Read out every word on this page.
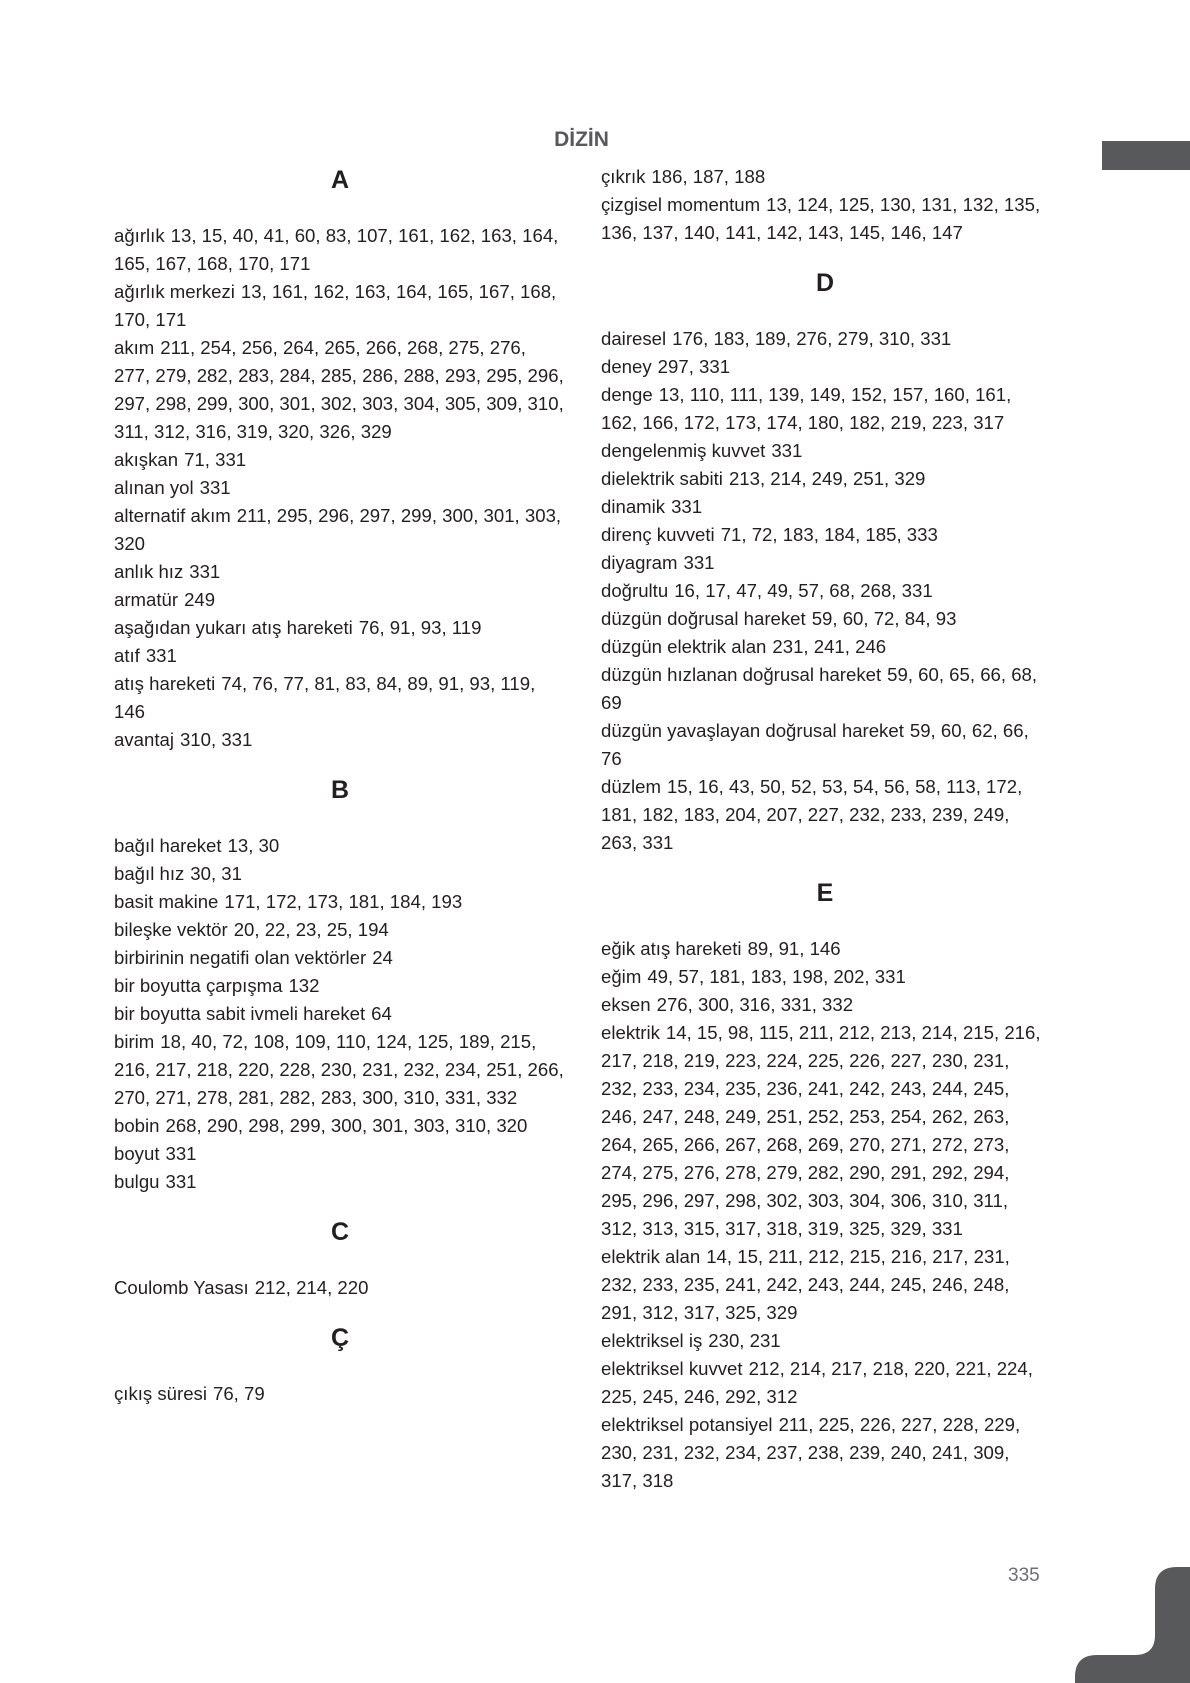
DİZİN
A
ağırlık 13, 15, 40, 41, 60, 83, 107, 161, 162, 163, 164, 165, 167, 168, 170, 171
ağırlık merkezi 13, 161, 162, 163, 164, 165, 167, 168, 170, 171
akım 211, 254, 256, 264, 265, 266, 268, 275, 276, 277, 279, 282, 283, 284, 285, 286, 288, 293, 295, 296, 297, 298, 299, 300, 301, 302, 303, 304, 305, 309, 310, 311, 312, 316, 319, 320, 326, 329
akışkan 71, 331
alınan yol 331
alternatif akım 211, 295, 296, 297, 299, 300, 301, 303, 320
anlık hız 331
armatür 249
aşağıdan yukarı atış hareketi 76, 91, 93, 119
atıf 331
atış hareketi 74, 76, 77, 81, 83, 84, 89, 91, 93, 119, 146
avantaj 310, 331
B
bağıl hareket 13, 30
bağıl hız 30, 31
basit makine 171, 172, 173, 181, 184, 193
bileşke vektör 20, 22, 23, 25, 194
birbirinin negatifi olan vektörler 24
bir boyutta çarpışma 132
bir boyutta sabit ivmeli hareket 64
birim 18, 40, 72, 108, 109, 110, 124, 125, 189, 215, 216, 217, 218, 220, 228, 230, 231, 232, 234, 251, 266, 270, 271, 278, 281, 282, 283, 300, 310, 331, 332
bobin 268, 290, 298, 299, 300, 301, 303, 310, 320
boyut 331
bulgu 331
C
Coulomb Yasası 212, 214, 220
Ç
çıkış süresi 76, 79
çıkrık 186, 187, 188
çizgisel momentum 13, 124, 125, 130, 131, 132, 135, 136, 137, 140, 141, 142, 143, 145, 146, 147
D
dairesel 176, 183, 189, 276, 279, 310, 331
deney 297, 331
denge 13, 110, 111, 139, 149, 152, 157, 160, 161, 162, 166, 172, 173, 174, 180, 182, 219, 223, 317
dengelenmiş kuvvet 331
dielektrik sabiti 213, 214, 249, 251, 329
dinamik 331
direnç kuvveti 71, 72, 183, 184, 185, 333
diyagram 331
doğrultu 16, 17, 47, 49, 57, 68, 268, 331
düzgün doğrusal hareket 59, 60, 72, 84, 93
düzgün elektrik alan 231, 241, 246
düzgün hızlanan doğrusal hareket 59, 60, 65, 66, 68, 69
düzgün yavaşlayan doğrusal hareket 59, 60, 62, 66, 76
düzlem 15, 16, 43, 50, 52, 53, 54, 56, 58, 113, 172, 181, 182, 183, 204, 207, 227, 232, 233, 239, 249, 263, 331
E
eğik atış hareketi 89, 91, 146
eğim 49, 57, 181, 183, 198, 202, 331
eksen 276, 300, 316, 331, 332
elektrik 14, 15, 98, 115, 211, 212, 213, 214, 215, 216, 217, 218, 219, 223, 224, 225, 226, 227, 230, 231, 232, 233, 234, 235, 236, 241, 242, 243, 244, 245, 246, 247, 248, 249, 251, 252, 253, 254, 262, 263, 264, 265, 266, 267, 268, 269, 270, 271, 272, 273, 274, 275, 276, 278, 279, 282, 290, 291, 292, 294, 295, 296, 297, 298, 302, 303, 304, 306, 310, 311, 312, 313, 315, 317, 318, 319, 325, 329, 331
elektrik alan 14, 15, 211, 212, 215, 216, 217, 231, 232, 233, 235, 241, 242, 243, 244, 245, 246, 248, 291, 312, 317, 325, 329
elektriksel iş 230, 231
elektriksel kuvvet 212, 214, 217, 218, 220, 221, 224, 225, 245, 246, 292, 312
elektriksel potansiyel 211, 225, 226, 227, 228, 229, 230, 231, 232, 234, 237, 238, 239, 240, 241, 309, 317, 318
335
